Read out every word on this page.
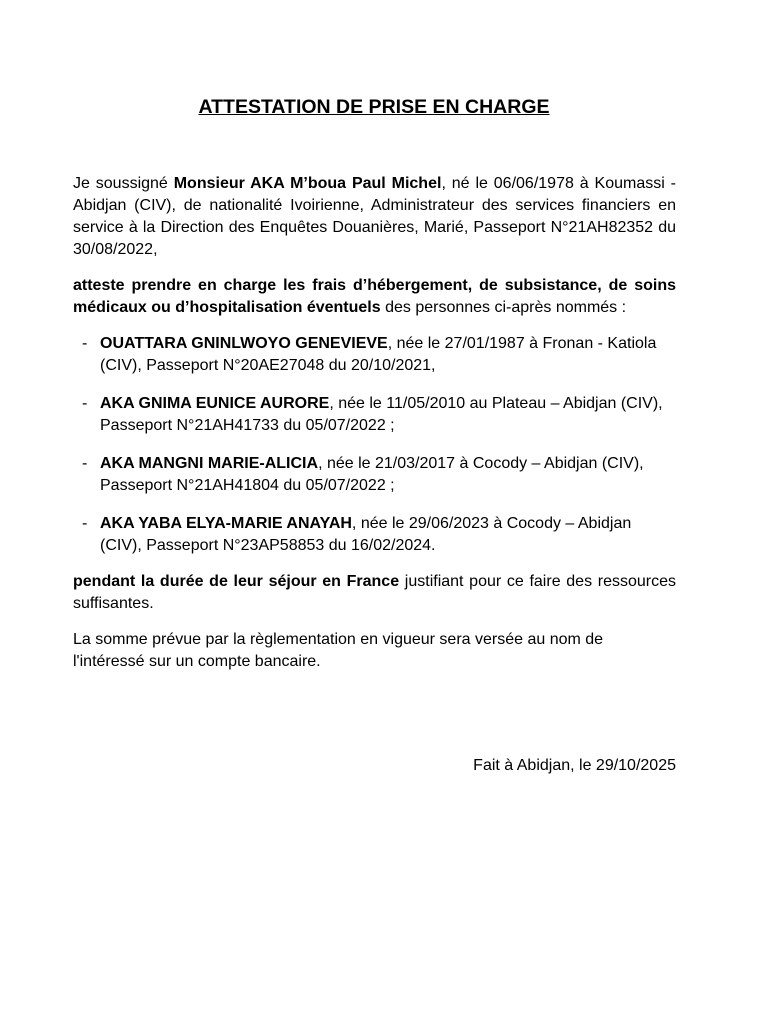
ATTESTATION DE PRISE EN CHARGE

Je soussigné Monsieur AKA M’boua Paul Michel, né le 06/06/1978 à Koumassi - Abidjan (CIV), de nationalité Ivoirienne, Administrateur des services financiers en service à la Direction des Enquêtes Douanières, Marié, Passeport N°21AH82352 du 30/08/2022,

atteste prendre en charge les frais d’hébergement, de subsistance, de soins médicaux ou d’hospitalisation éventuels des personnes ci-après nommés :

- OUATTARA GNINLWOYO GENEVIEVE, née le 27/01/1987 à Fronan - Katiola (CIV), Passeport N°20AE27048 du 20/10/2021,
- AKA GNIMA EUNICE AURORE, née le 11/05/2010 au Plateau – Abidjan (CIV), Passeport N°21AH41733 du 05/07/2022 ;
- AKA MANGNI MARIE-ALICIA, née le 21/03/2017 à Cocody – Abidjan (CIV), Passeport N°21AH41804 du 05/07/2022 ;
- AKA YABA ELYA-MARIE ANAYAH, née le 29/06/2023 à Cocody – Abidjan (CIV), Passeport N°23AP58853 du 16/02/2024.

pendant la durée de leur séjour en France justifiant pour ce faire des ressources suffisantes.

La somme prévue par la règlementation en vigueur sera versée au nom de l'intéressé sur un compte bancaire.

Fait à Abidjan, le 29/10/2025
